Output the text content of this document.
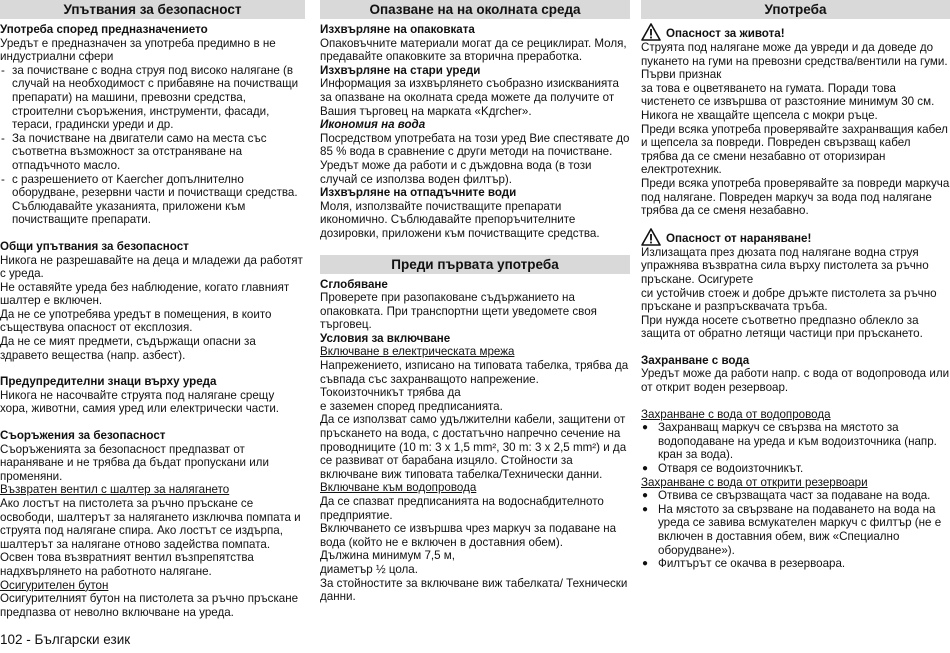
Упътвания за безопасност
Употреба според предназначението

Уредът е предназначен за употреба предимно в не индустриални сфери

- за почистване с водна струя под високо налягане (в случай на необходимост с прибавяне на почистващи препарати) на машини, превозни средства, строителни съоръжения, инструменти, фасади, тераси, градински уреди и др.
- За почистване на двигатели само на места със съответна възможност за отстраняване на отпадъчното масло.
- с разрешението от Kaercher допълнително оборудване, резервни части и почистващи средства. Съблюдавайте указанията, приложени към почистващите препарати.
Общи упътвания за безопасност

Никога не разрешавайте на деца и младежи да работят с уреда.

Не оставяйте уреда без наблюдение, когато главният шалтер е включен.

Да не се употребява уредът в помещения, в които съществува опасност от експлозия.

Да не се мият предмети, съдържащи опасни за здравето вещества (напр. азбест).

Предупредителни знаци върху уреда

Никога не насочвайте струята под налягане срещу хора, животни, самия уред или електрически части.

Съоръжения за безопасност

Съоръженията за безопасност предпазват от нараняване и не трябва да бъдат пропускани или променяни.

Възвратен вентил с шалтер за налягането

Ако лостът на пистолета за ръчно пръскане се освободи, шалтерът за налягането изключва помпата и струята под налягане спира. Ако лостът се издърпа, шалтерът за налягане отново задейства помпата. Освен това възвратният вентил възпрепятства надхвърлянето на работното налягане.

Осигурителен бутон

Осигурителният бутон на пистолета за ръчно пръскане предпазва от неволно включване на уреда.

Опазване на на околната среда
Изхвърляне на опаковката

Опаковъчните материали могат да се рециклират. Моля, предавайте опаковките за вторична преработка.

Изхвърляне на стари уреди

Информация за изхвърлянето съобразно изискванията за опазване на околната среда можете да получите от Вашия търговец на марката «Kдrcher».

Икономия на вода

Посредством употребата на този уред Вие спестявате до 85 % вода в сравнение с други методи на почистване. Уредът може да работи и с дъждовна вода (в този случай се използва воден филтър).

Изхвърляне на отпадъчните води

Моля, използвайте почистващите препарати икономично. Съблюдавайте препоръчителните дозировки, приложени към почистващите средства.

Преди първата употреба
Сглобяване

Проверете при разопаковане съдържанието на опаковката. При транспортни щети уведомете своя търговец.

Условия за включване

Включване в електрическата мрежа

Напрежението, изписано на типовата табелка, трябва да съвпада със захранващото напрежение.

Токоизточникът трябва да

е заземен според предписанията.

Да се използват само удължителни кабели, защитени от пръскането на вода, с достатъчно напречно сечение на проводниците (10 m: 3 x 1,5 mm², 30 m: 3 x 2,5 mm²) и да се развиват от барабана изцяло. Стойности за включване виж типовата табелка/Технически данни.

Включване към водопровода

Да се спазват предписанията на водоснабдителното предприятие.

Включването се извършва чрез маркуч за подаване на вода (който не е включен в доставния обем).

Дължина минимум 7,5 м,

диаметър ½ цола.

За стойностите за включване виж табелката/ Технически данни.

Употреба
Опасност за живота!

Струята под налягане може да увреди и да доведе до пукането на гуми на превозни средства/вентили на гуми. Първи признак

за това е оцветяването на гумата. Поради това чистенето се извършва от разстояние минимум 30 см.

Никога не хващайте щепсела с мокри ръце.

Преди всяка употреба проверявайте захранващия кабел и щепсела за повреди. Повреден свързващ кабел трябва да се смени незабавно от оторизиран електротехник.

Преди всяка употреба проверявайте за повреди маркуча под налягане. Повреден маркуч за вода под налягане трябва да се сменя незабавно.

Опасност от нараняване!

Излизащата през дюзата под налягане водна струя упражнява възвратна сила върху пистолета за ръчно пръскане. Осигурете

си устойчив стоеж и добре дръжте пистолета за ръчно пръскане и разпръсквачата тръба.

При нужда носете съответно предпазно облекло за защита от обратно летящи частици при пръскането.

Захранване с вода

Уредът може да работи напр. с вода от водопровода или от открит воден резервоар.

Захранване с вода от водопровода

● Захранващ маркуч се свързва на мястото за водоподаване на уреда и към водоизточника (напр. кран за вода).
● Отваря се водоизточникът.

Захранване с вода от открити резервоари

● Отвива се свързващата част за подаване на вода.
● На мястото за свързване на подаването на вода на уреда се завива всмукателен маркуч с филтър (не е включен в доставния обем, виж «Специално оборудване»).
● Филтърът се окачва в резервоара.
102 - Български език
